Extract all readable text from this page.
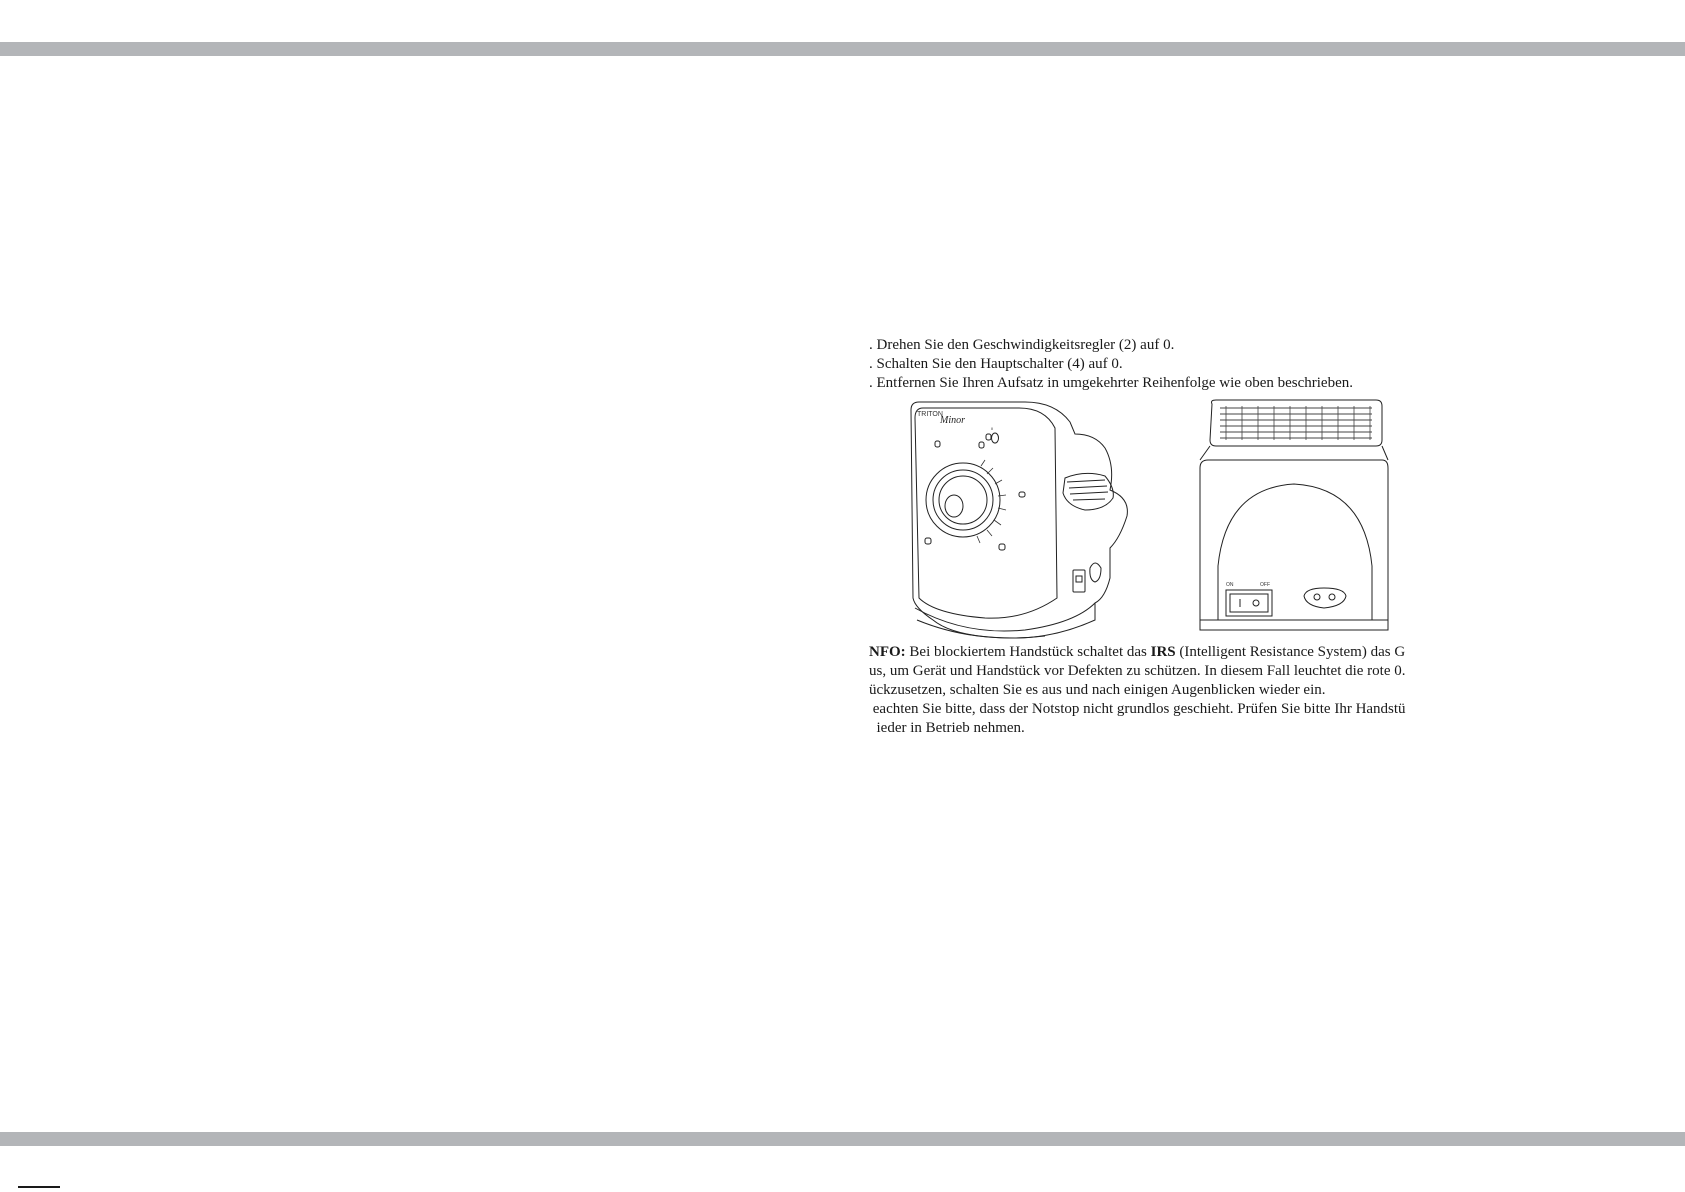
. Drehen Sie den Geschwindigkeitsregler (2) auf 0.
. Schalten Sie den Hauptschalter (4) auf 0.
. Entfernen Sie Ihren Aufsatz in umgekehrter Reihenfolge wie oben beschrieben.
TRITON
Minor
II
ON	OFF
NFO: Bei blockiertem Handstück schaltet das IRS (Intelligent Resistance System) das G
us, um Gerät und Handstück vor Defekten zu schützen. In diesem Fall leuchtet die rote 0.
ückzusetzen, schalten Sie es aus und nach einigen Augenblicken wieder ein.
eachten Sie bitte, dass der Notstop nicht grundlos geschieht. Prüfen Sie bitte Ihr Handstü
ieder in Betrieb nehmen.
